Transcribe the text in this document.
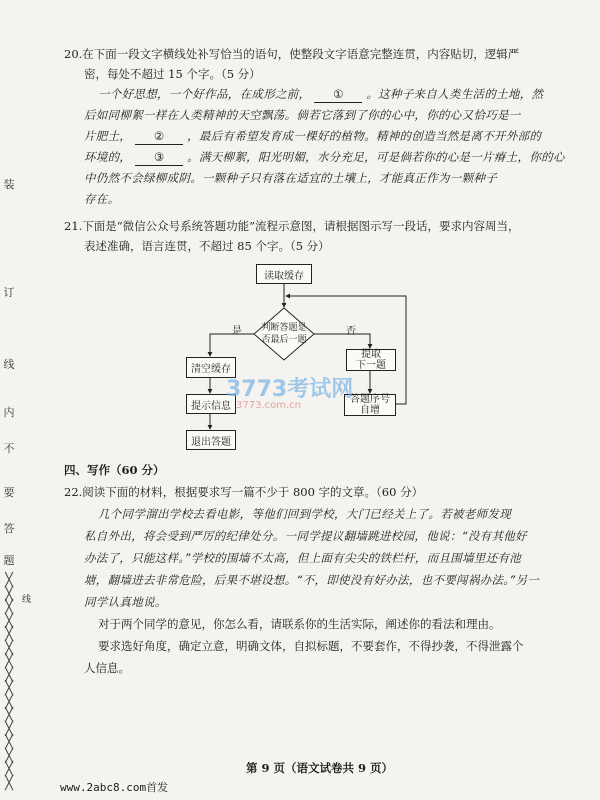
装
订
线
内
不
要
答
题
线
╳
╳
╳
╳
╳
╳
╳
╳
╳
╳
╳
╳
╳
╳
╳
╳
20.在下面一段文字横线处补写恰当的语句，使整段文字语意完整连贯，内容贴切，逻辑严
密，每处不超过 15 个字。（5 分）
一个好思想，一个好作品，在成形之前， ① 。这种子来自人类生活的土地，然
后如同柳絮一样在人类精神的天空飘荡。倘若它落到了你的心中，你的心又恰巧是一
片肥土， ② ，最后有希望发育成一棵好的植物。精神的创造当然是离不开外部的
环境的， ③ 。满天柳絮，阳光明媚，水分充足，可是倘若你的心是一片瘠土，你的心
中仍然不会绿柳成阴。一颗种子只有落在适宜的土壤上，才能真正作为一颗种子
存在。
21.下面是“微信公众号系统答题功能”流程示意图，请根据图示写一段话，要求内容周当，
表述准确，语言连贯，不超过 85 个字。（5 分）
读取缓存
判断答题是
否最后一题
是	否
清空缓存
提取
下一题
提示信息
答题序号
自增
退出答题
3773考试网
3773.com.cn
四、写作（60 分）
22.阅读下面的材料，根据要求写一篇不少于 800 字的文章。（60 分）
几个同学溜出学校去看电影，等他们回到学校，大门已经关上了。若被老师发现
私自外出，将会受到严厉的纪律处分。一同学提议翻墙跳进校园，他说：“没有其他好
办法了，只能这样。”学校的围墙不太高，但上面有尖尖的铁栏杆，而且围墙里还有池
塘，翻墙进去非常危险，后果不堪设想。“不，即使没有好办法，也不要闯祸办法。”另一
同学认真地说。
对于两个同学的意见，你怎么看，请联系你的生活实际，阐述你的看法和理由。
要求选好角度，确定立意，明确文体，自拟标题，不要套作，不得抄袭，不得泄露个
人信息。
第 9 页（语文试卷共 9 页）
www.2abc8.com首发
